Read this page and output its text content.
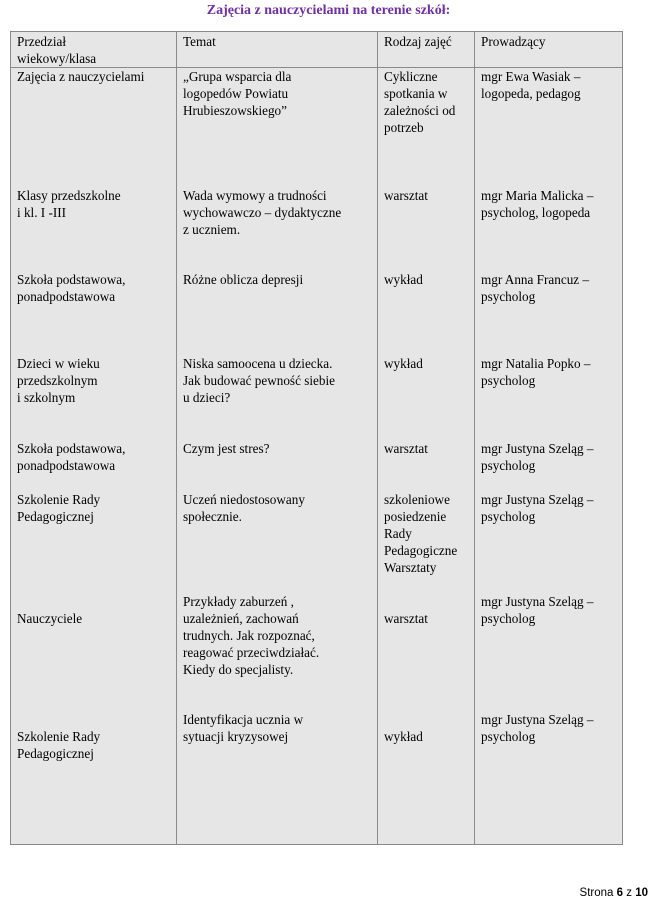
Zajęcia z nauczycielami na terenie szkół:
Przedział
wiekowy/klasa	Temat	Rodzaj zajęć	Prowadzący
Zajęcia z nauczycielami	„Grupa wsparcia dla
logopedów Powiatu
Hrubieszowskiego”	Cykliczne
spotkania w
zależności od
potrzeb	mgr Ewa Wasiak –
logopeda, pedagog
Klasy przedszkolne
i kl. I -III	Wada wymowy a trudności
wychowawczo – dydaktyczne
z uczniem.	warsztat	mgr Maria Malicka –
psycholog, logopeda
Szkoła podstawowa,
ponadpodstawowa	Różne oblicza depresji	wykład	mgr Anna Francuz –
psycholog
Dzieci w wieku
przedszkolnym
i szkolnym	Niska samoocena u dziecka.
Jak budować pewność siebie
u dzieci?	wykład	mgr Natalia Popko –
psycholog
Szkoła podstawowa,
ponadpodstawowa	Czym jest stres?	warsztat	mgr Justyna Szeląg –
psycholog
Szkolenie Rady
Pedagogicznej	Uczeń niedostosowany
społecznie.	szkoleniowe
posiedzenie
Rady
Pedagogiczne
Warsztaty	mgr Justyna Szeląg –
psycholog

Nauczyciele	Przykłady zaburzeń ,
uzależnień, zachowań
trudnych. Jak rozpoznać,
reagować przeciwdziałać.
Kiedy do specjalisty.	
warsztat	mgr Justyna Szeląg –
psycholog

Szkolenie Rady
Pedagogicznej	Identyfikacja ucznia w
sytuacji kryzysowej	
wykład	mgr Justyna Szeląg –
psycholog
Strona 6 z 10
